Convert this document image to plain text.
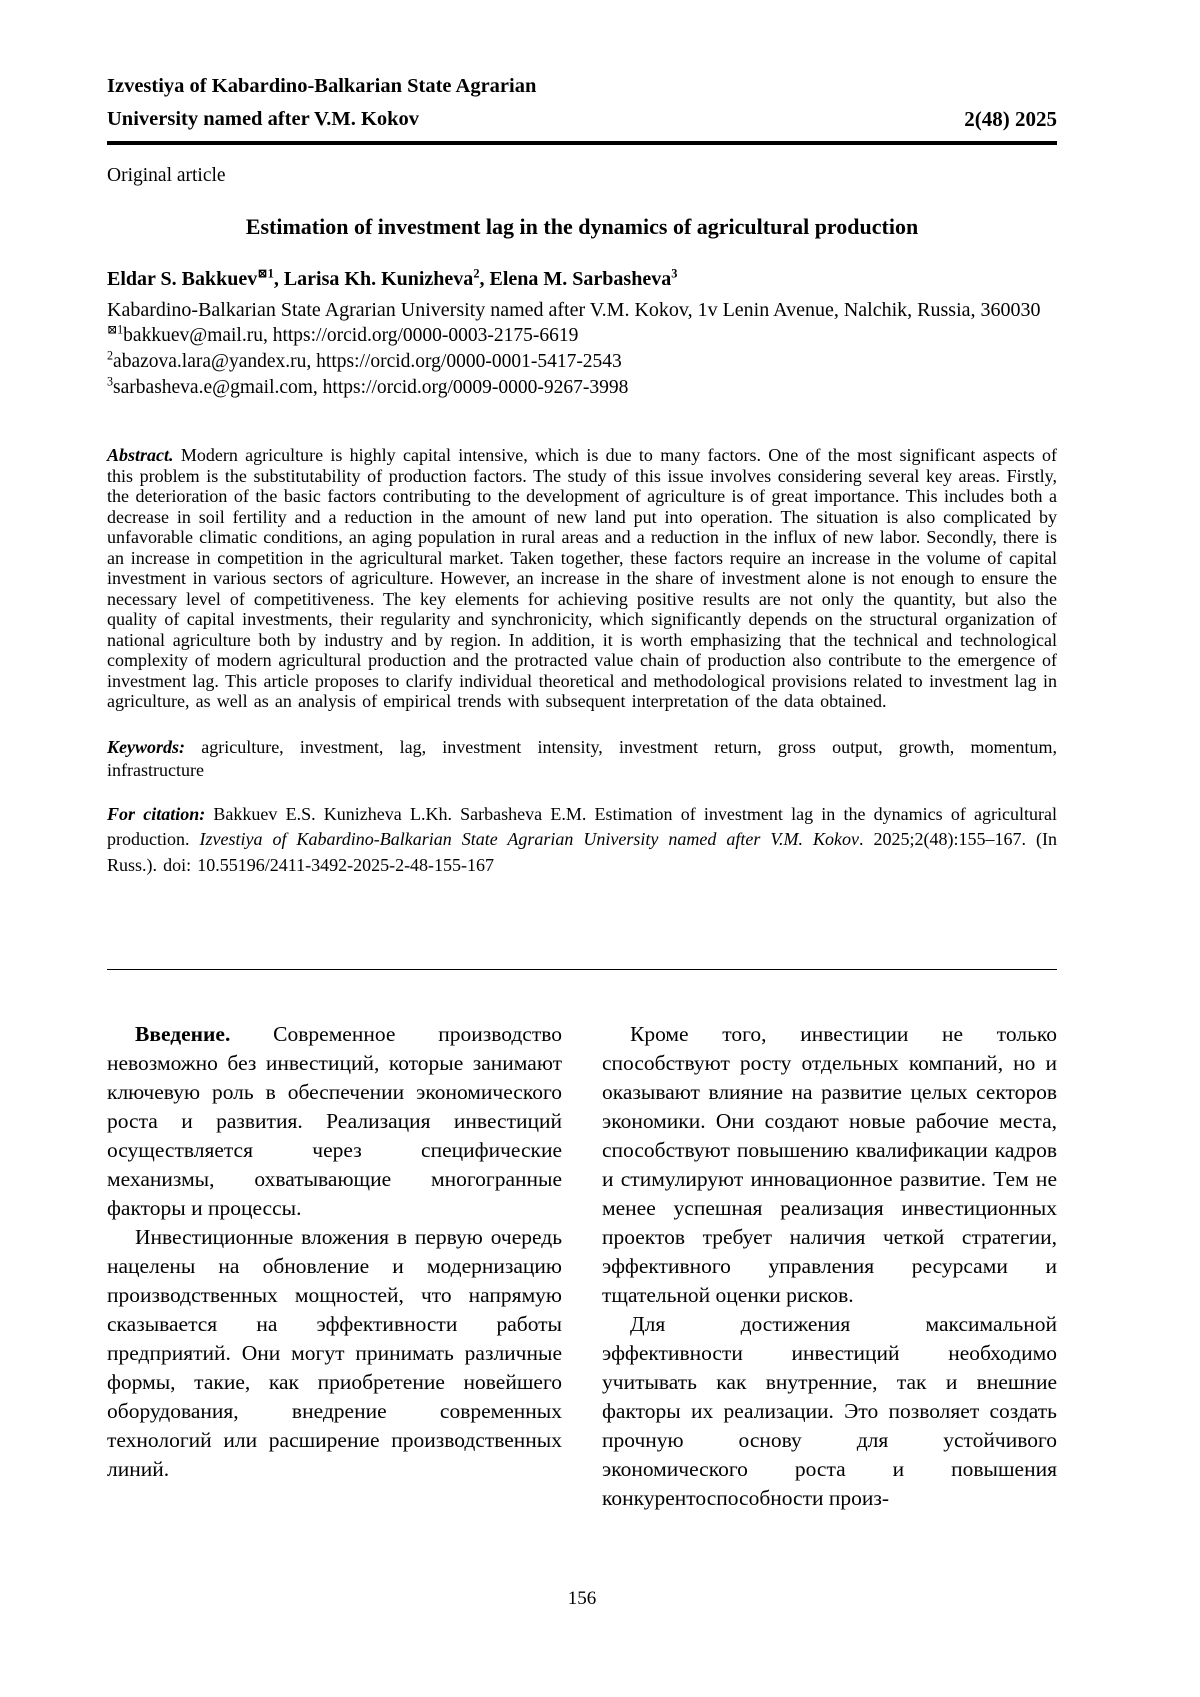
Izvestiya of Kabardino-Balkarian State Agrarian
University named after V.M. Kokov	2(48) 2025
Original article
Estimation of investment lag in the dynamics of agricultural production
Eldar S. Bakkuev$^{⊠1}$, Larisa Kh. Kunizheva$^2$, Elena M. Sarbasheva$^3$
Kabardino-Balkarian State Agrarian University named after V.M. Kokov, 1v Lenin Avenue, Nalchik, Russia, 360030
$^{⊠1}$bakkuev@mail.ru, https://orcid.org/0000-0003-2175-6619
$^2$abazova.lara@yandex.ru, https://orcid.org/0000-0001-5417-2543
$^3$sarbasheva.e@gmail.com, https://orcid.org/0009-0000-9267-3998

Abstract. Modern agriculture is highly capital intensive, which is due to many factors. One of the most significant aspects of this problem is the substitutability of production factors. The study of this issue involves considering several key areas. Firstly, the deterioration of the basic factors contributing to the development of agriculture is of great importance. This includes both a decrease in soil fertility and a reduction in the amount of new land put into operation. The situation is also complicated by unfavorable climatic conditions, an aging population in rural areas and a reduction in the influx of new labor. Secondly, there is an increase in competition in the agricultural market. Taken together, these factors require an increase in the volume of capital investment in various sectors of agriculture. However, an increase in the share of investment alone is not enough to ensure the necessary level of competitiveness. The key elements for achieving positive results are not only the quantity, but also the quality of capital investments, their regularity and synchronicity, which significantly depends on the structural organization of national agriculture both by industry and by region. In addition, it is worth emphasizing that the technical and technological complexity of modern agricultural production and the protracted value chain of production also contribute to the emergence of investment lag. This article proposes to clarify individual theoretical and methodological provisions related to investment lag in agriculture, as well as an analysis of empirical trends with subsequent interpretation of the data obtained.

Keywords: agriculture, investment, lag, investment intensity, investment return, gross output, growth, momentum, infrastructure

For citation: Bakkuev E.S. Kunizheva L.Kh. Sarbasheva E.M. Estimation of investment lag in the dynamics of agricultural production. Izvestiya of Kabardino-Balkarian State Agrarian University named after V.M. Kokov. 2025;2(48):155–167. (In Russ.). doi: 10.55196/2411-3492-2025-2-48-155-167

Введение. Современное производство невозможно без инвестиций, которые занимают ключевую роль в обеспечении экономического роста и развития. Реализация инвестиций осуществляется через специфические механизмы, охватывающие многогранные факторы и процессы.

Инвестиционные вложения в первую очередь нацелены на обновление и модернизацию производственных мощностей, что напрямую сказывается на эффективности работы предприятий. Они могут принимать различные формы, такие, как приобретение новейшего оборудования, внедрение современных технологий или расширение производственных линий.

Кроме того, инвестиции не только способствуют росту отдельных компаний, но и оказывают влияние на развитие целых секторов экономики. Они создают новые рабочие места, способствуют повышению квалификации кадров и стимулируют инновационное развитие. Тем не менее успешная реализация инвестиционных проектов требует наличия четкой стратегии, эффективного управления ресурсами и тщательной оценки рисков.

Для достижения максимальной эффективности инвестиций необходимо учитывать как внутренние, так и внешние факторы их реализации. Это позволяет создать прочную основу для устойчивого экономического роста и повышения конкурентоспособности произ-

156
